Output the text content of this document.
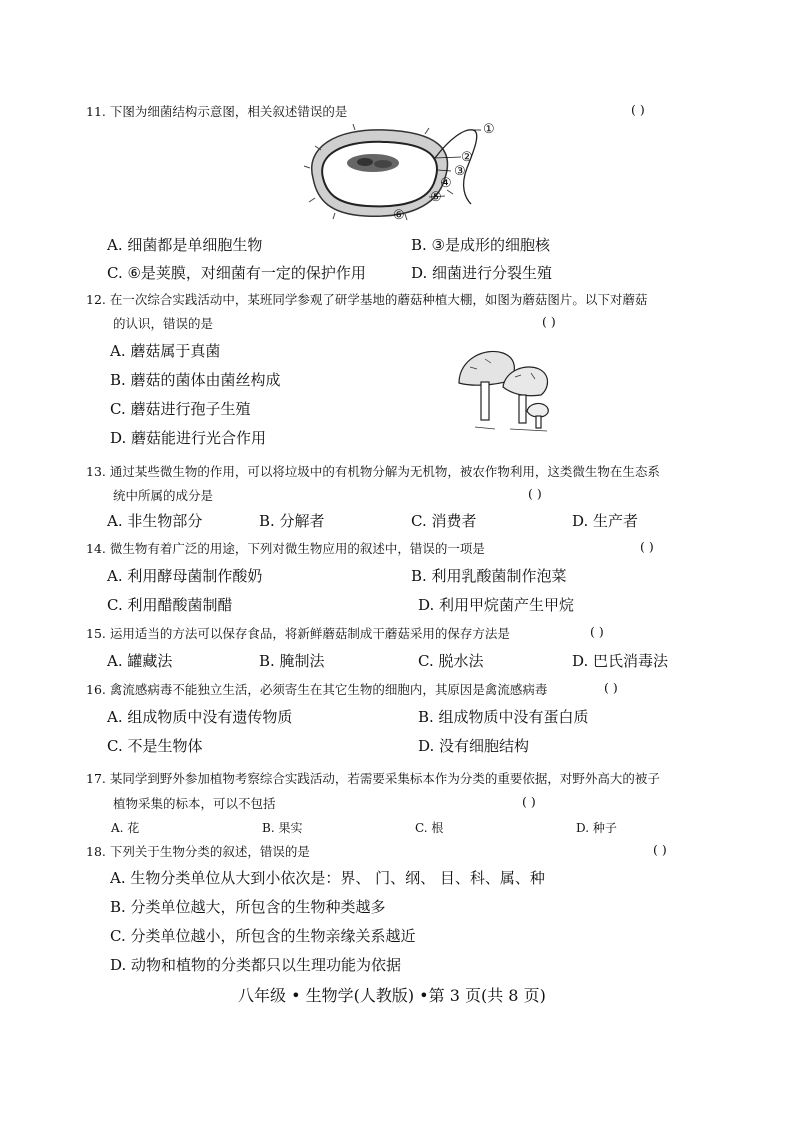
11. 下图为细菌结构示意图，相关叙述错误的是	( )
①
②
③
④
⑤
⑥
A. 细菌都是单细胞生物	B. ③是成形的细胞核
C. ⑥是荚膜，对细菌有一定的保护作用	D. 细菌进行分裂生殖
12. 在一次综合实践活动中，某班同学参观了研学基地的蘑菇种植大棚，如图为蘑菇图片。以下对蘑菇
的认识，错误的是	( )
A. 蘑菇属于真菌
B. 蘑菇的菌体由菌丝构成
C. 蘑菇进行孢子生殖
D. 蘑菇能进行光合作用
13. 通过某些微生物的作用，可以将垃圾中的有机物分解为无机物，被农作物利用，这类微生物在生态系
统中所属的成分是	( )
A. 非生物部分	B. 分解者	C. 消费者	D. 生产者
14. 微生物有着广泛的用途，下列对微生物应用的叙述中，错误的一项是	( )
A. 利用酵母菌制作酸奶	B. 利用乳酸菌制作泡菜
C. 利用醋酸菌制醋	D. 利用甲烷菌产生甲烷
15. 运用适当的方法可以保存食品，将新鲜蘑菇制成干蘑菇采用的保存方法是	( )
A. 罐藏法	B. 腌制法	C. 脱水法	D. 巴氏消毒法
16. 禽流感病毒不能独立生活，必须寄生在其它生物的细胞内，其原因是禽流感病毒	( )
A. 组成物质中没有遗传物质	B. 组成物质中没有蛋白质
C. 不是生物体	D. 没有细胞结构
17. 某同学到野外参加植物考察综合实践活动，若需要采集标本作为分类的重要依据，对野外高大的被子
植物采集的标本，可以不包括	( )
A. 花	B. 果实	C. 根	D. 种子
18. 下列关于生物分类的叙述，错误的是	( )
A. 生物分类单位从大到小依次是：界、 门、纲、 目、科、属、种
B. 分类单位越大，所包含的生物种类越多
C. 分类单位越小，所包含的生物亲缘关系越近
D. 动物和植物的分类都只以生理功能为依据
八年级 • 生物学(人教版) •第 3 页(共 8 页)
